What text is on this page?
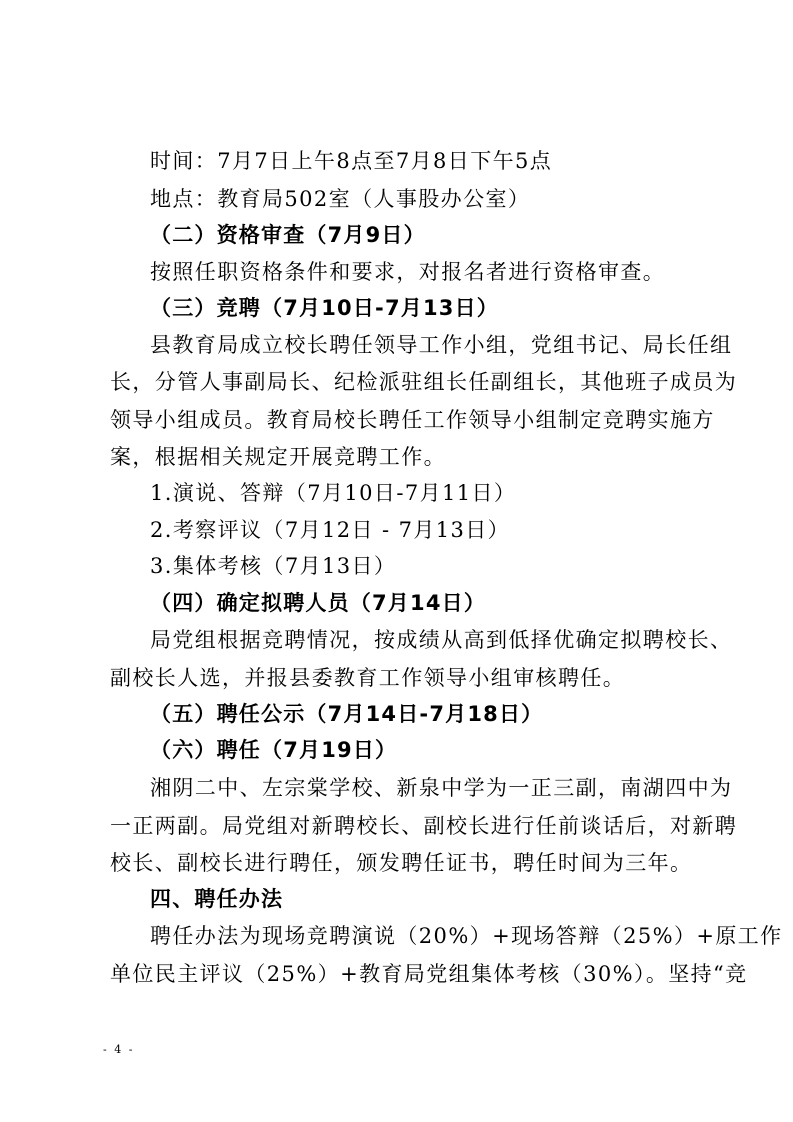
时间：7月7日上午8点至7月8日下午5点
地点：教育局502室（人事股办公室）
（二）资格审查（7月9日）
按照任职资格条件和要求，对报名者进行资格审查。
（三）竞聘（7月10日-7月13日）
县教育局成立校长聘任领导工作小组，党组书记、局长任组
长，分管人事副局长、纪检派驻组长任副组长，其他班子成员为
领导小组成员。教育局校长聘任工作领导小组制定竞聘实施方
案，根据相关规定开展竞聘工作。
1.演说、答辩（7月10日-7月11日）
2.考察评议（7月12日 - 7月13日）
3.集体考核（7月13日）
（四）确定拟聘人员（7月14日）
局党组根据竞聘情况，按成绩从高到低择优确定拟聘校长、
副校长人选，并报县委教育工作领导小组审核聘任。
（五）聘任公示（7月14日-7月18日）
（六）聘任（7月19日）
湘阴二中、左宗棠学校、新泉中学为一正三副，南湖四中为
一正两副。局党组对新聘校长、副校长进行任前谈话后，对新聘
校长、副校长进行聘任，颁发聘任证书，聘任时间为三年。
四、聘任办法
聘任办法为现场竞聘演说（20%）+现场答辩（25%）+原工作
单位民主评议（25%）+教育局党组集体考核（30%）。坚持“竞
- 4 -
